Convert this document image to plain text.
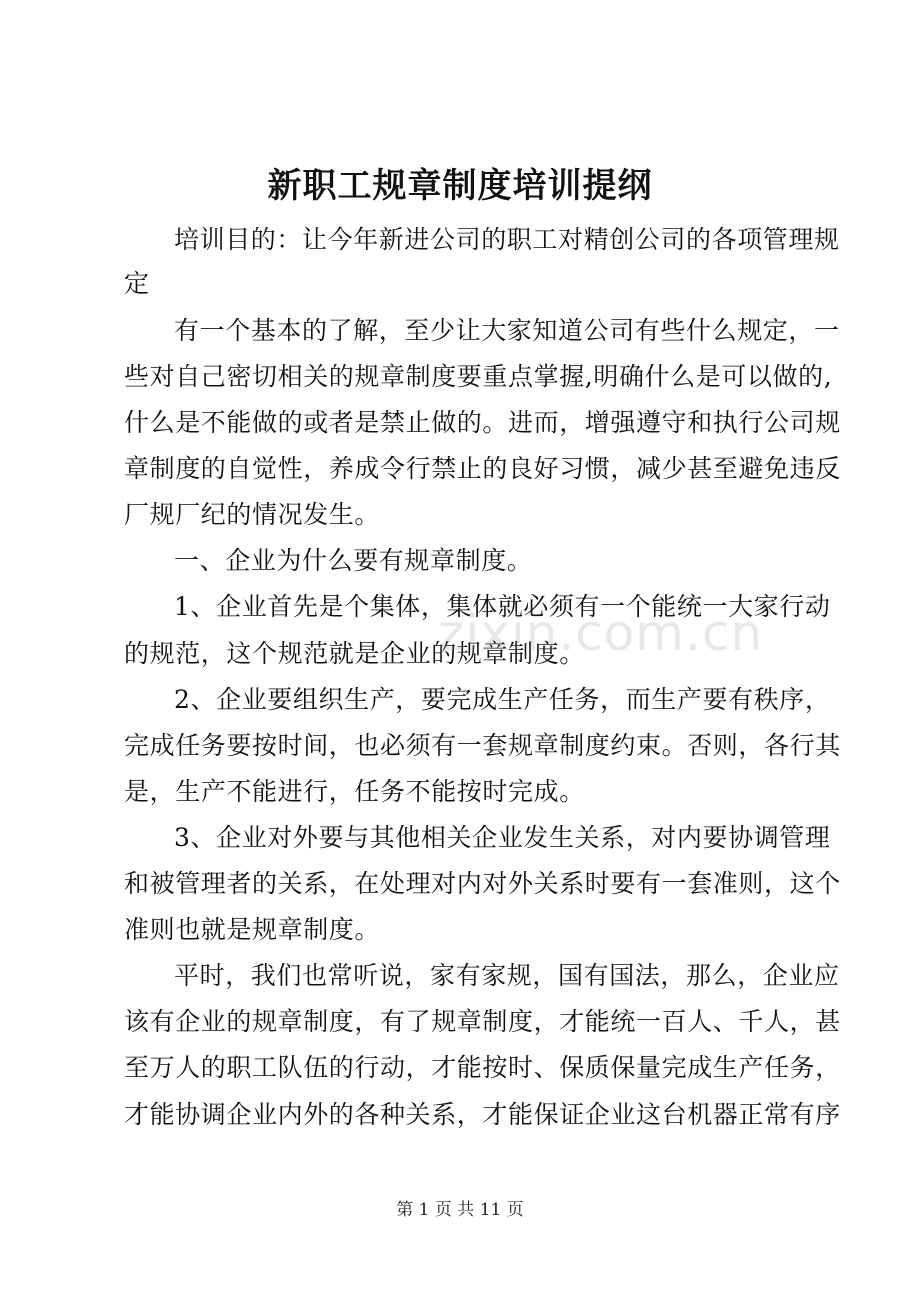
新职工规章制度培训提纲
培训目的：让今年新进公司的职工对精创公司的各项管理规
定
有一个基本的了解，至少让大家知道公司有些什么规定，一
些对自己密切相关的规章制度要重点掌握,明确什么是可以做的,
什么是不能做的或者是禁止做的。进而，增强遵守和执行公司规
章制度的自觉性，养成令行禁止的良好习惯，减少甚至避免违反
厂规厂纪的情况发生。
一、企业为什么要有规章制度。
1、企业首先是个集体，集体就必须有一个能统一大家行动
的规范，这个规范就是企业的规章制度。
2、企业要组织生产，要完成生产任务，而生产要有秩序，
完成任务要按时间，也必须有一套规章制度约束。否则，各行其
是，生产不能进行，任务不能按时完成。
3、企业对外要与其他相关企业发生关系，对内要协调管理
和被管理者的关系，在处理对内对外关系时要有一套准则，这个
准则也就是规章制度。
平时，我们也常听说，家有家规，国有国法，那么，企业应
该有企业的规章制度，有了规章制度，才能统一百人、千人，甚
至万人的职工队伍的行动，才能按时、保质保量完成生产任务，
才能协调企业内外的各种关系，才能保证企业这台机器正常有序
zixin.com.cn
第 1 页 共 11 页
